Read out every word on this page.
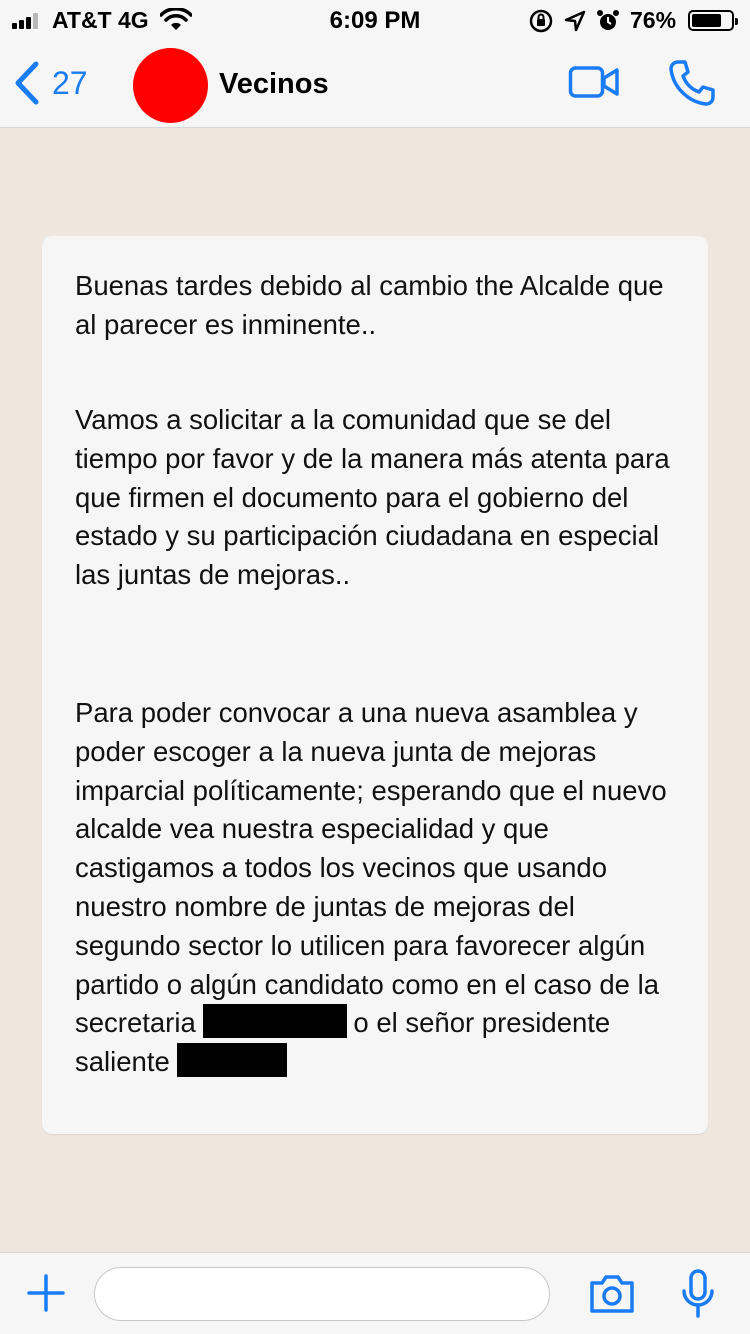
AT&T 4G	6:09 PM	76%
27	Vecinos
Buenas tardes debido al cambio the Alcalde que al parecer es inminente..
Vamos a solicitar a la comunidad que se del tiempo por favor y de la manera más atenta para que firmen el documento para el gobierno del estado y su participación ciudadana en especial las juntas de mejoras..
Para poder convocar a una nueva asamblea y poder escoger a la nueva junta de mejoras imparcial políticamente; esperando que el nuevo alcalde vea nuestra especialidad y que castigamos a todos los vecinos que usando nuestro nombre de juntas de mejoras del segundo sector lo utilicen para favorecer algún partido o algún candidato como en el caso de la secretaria	o el señor presidente saliente
